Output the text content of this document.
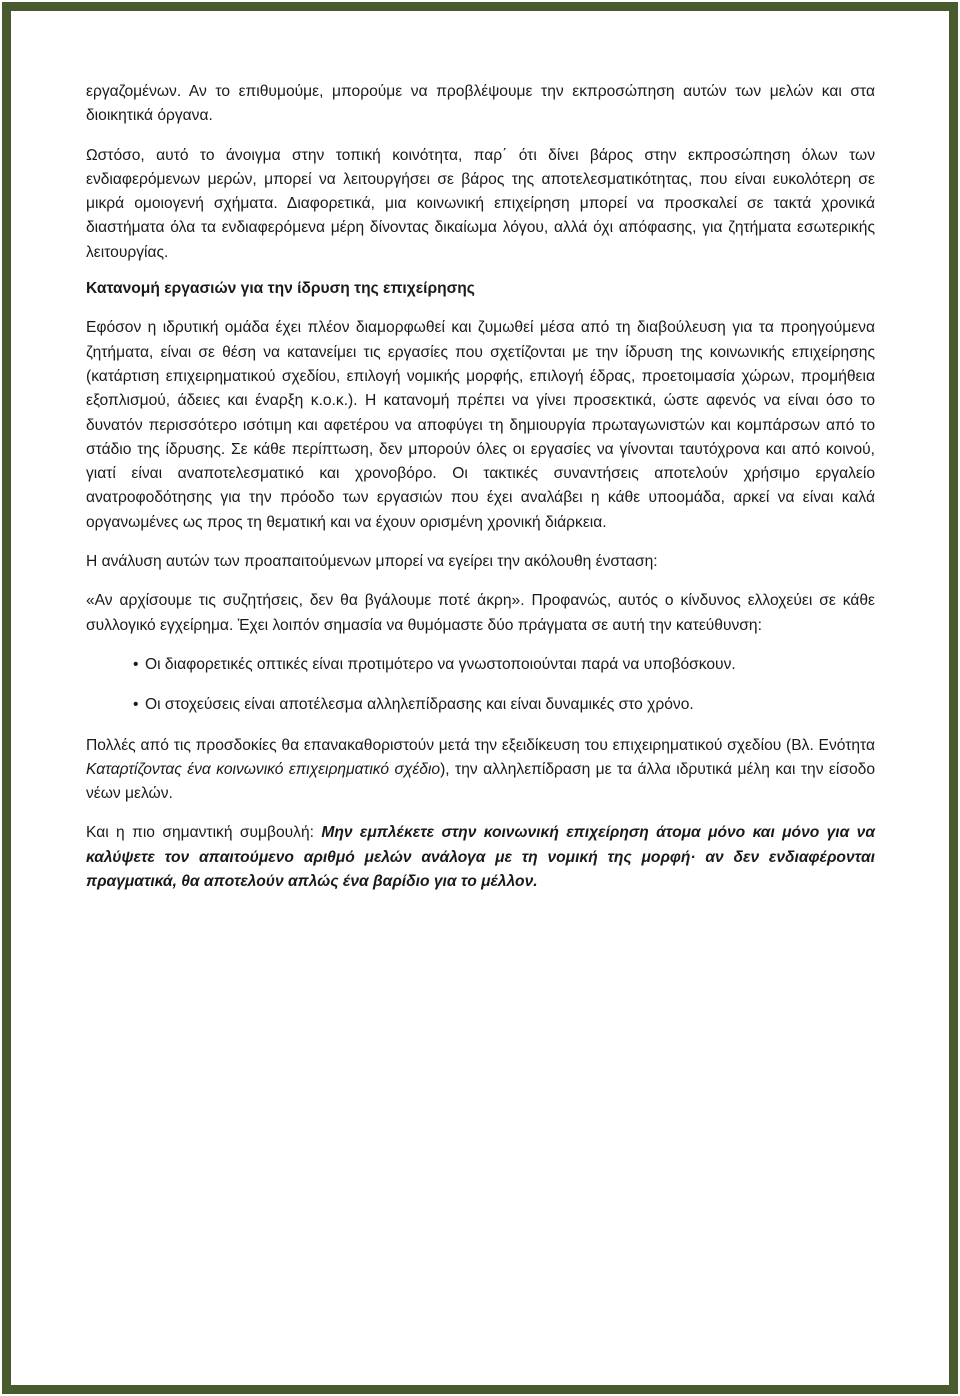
εργαζομένων. Αν το επιθυμούμε, μπορούμε να προβλέψουμε την εκπροσώπηση αυτών των μελών και στα διοικητικά όργανα.

Ωστόσο, αυτό το άνοιγμα στην τοπική κοινότητα, παρ΄ ότι δίνει βάρος στην εκπροσώπηση όλων των ενδιαφερόμενων μερών, μπορεί να λειτουργήσει σε βάρος της αποτελεσματικότητας, που είναι ευκολότερη σε μικρά ομοιογενή σχήματα. Διαφορετικά, μια κοινωνική επιχείρηση μπορεί να προσκαλεί σε τακτά χρονικά διαστήματα όλα τα ενδιαφερόμενα μέρη δίνοντας δικαίωμα λόγου, αλλά όχι απόφασης, για ζητήματα εσωτερικής λειτουργίας.

Κατανομή εργασιών για την ίδρυση της επιχείρησης

Εφόσον η ιδρυτική ομάδα έχει πλέον διαμορφωθεί και ζυμωθεί μέσα από τη διαβούλευση για τα προηγούμενα ζητήματα, είναι σε θέση να κατανείμει τις εργασίες που σχετίζονται με την ίδρυση της κοινωνικής επιχείρησης (κατάρτιση επιχειρηματικού σχεδίου, επιλογή νομικής μορφής, επιλογή έδρας, προετοιμασία χώρων, προμήθεια εξοπλισμού, άδειες και έναρξη κ.ο.κ.). Η κατανομή πρέπει να γίνει προσεκτικά, ώστε αφενός να είναι όσο το δυνατόν περισσότερο ισότιμη και αφετέρου να αποφύγει τη δημιουργία πρωταγωνιστών και κομπάρσων από το στάδιο της ίδρυσης. Σε κάθε περίπτωση, δεν μπορούν όλες οι εργασίες να γίνονται ταυτόχρονα και από κοινού, γιατί είναι αναποτελεσματικό και χρονοβόρο. Οι τακτικές συναντήσεις αποτελούν χρήσιμο εργαλείο ανατροφοδότησης για την πρόοδο των εργασιών που έχει αναλάβει η κάθε υποομάδα, αρκεί να είναι καλά οργανωμένες ως προς τη θεματική και να έχουν ορισμένη χρονική διάρκεια.

Η ανάλυση αυτών των προαπαιτούμενων μπορεί να εγείρει την ακόλουθη ένσταση:

«Αν αρχίσουμε τις συζητήσεις, δεν θα βγάλουμε ποτέ άκρη». Προφανώς, αυτός ο κίνδυνος ελλοχεύει σε κάθε συλλογικό εγχείρημα. Ἐχει λοιπόν σημασία να θυμόμαστε δύο πράγματα σε αυτή την κατεύθυνση:

• Οι διαφορετικές οπτικές είναι προτιμότερο να γνωστοποιούνται παρά να υποβόσκουν.
• Οι στοχεύσεις είναι αποτέλεσμα αλληλεπίδρασης και είναι δυναμικές στο χρόνο.

Πολλές από τις προσδοκίες θα επανακαθοριστούν μετά την εξειδίκευση του επιχειρηματικού σχεδίου (Βλ. Ενότητα Καταρτίζοντας ένα κοινωνικό επιχειρηματικό σχέδιο), την αλληλεπίδραση με τα άλλα ιδρυτικά μέλη και την είσοδο νέων μελών.

Και η πιο σημαντική συμβουλή: Μην εμπλέκετε στην κοινωνική επιχείρηση άτομα μόνο και μόνο για να καλύψετε τον απαιτούμενο αριθμό μελών ανάλογα με τη νομική της μορφή· αν δεν ενδιαφέρονται πραγματικά, θα αποτελούν απλώς ένα βαρίδιο για το μέλλον.
